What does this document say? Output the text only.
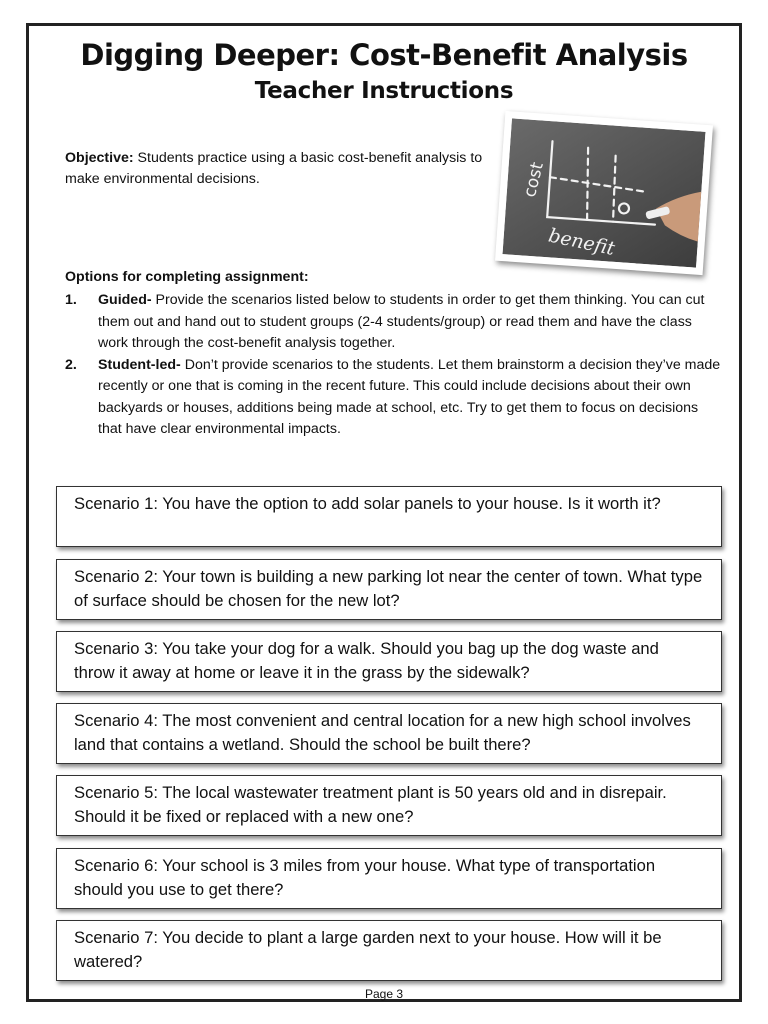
Digging Deeper: Cost-Benefit Analysis
Teacher Instructions
Objective: Students practice using a basic cost-benefit analysis to make environmental decisions.	cost
benefit
Options for completing assignment:
1. Guided- Provide the scenarios listed below to students in order to get them thinking. You can cut them out and hand out to student groups (2-4 students/group) or read them and have the class work through the cost-benefit analysis together.
2. Student-led- Don’t provide scenarios to the students. Let them brainstorm a decision they’ve made recently or one that is coming in the recent future. This could include decisions about their own backyards or houses, additions being made at school, etc. Try to get them to focus on decisions that have clear environmental impacts.
Scenario 1: You have the option to add solar panels to your house. Is it worth it?
Scenario 2: Your town is building a new parking lot near the center of town. What type of surface should be chosen for the new lot?
Scenario 3: You take your dog for a walk. Should you bag up the dog waste and throw it away at home or leave it in the grass by the sidewalk?
Scenario 4: The most convenient and central location for a new high school involves land that contains a wetland. Should the school be built there?
Scenario 5: The local wastewater treatment plant is 50 years old and in disrepair. Should it be fixed or replaced with a new one?
Scenario 6: Your school is 3 miles from your house. What type of transportation should you use to get there?
Scenario 7: You decide to plant a large garden next to your house. How will it be watered?
Page 3
